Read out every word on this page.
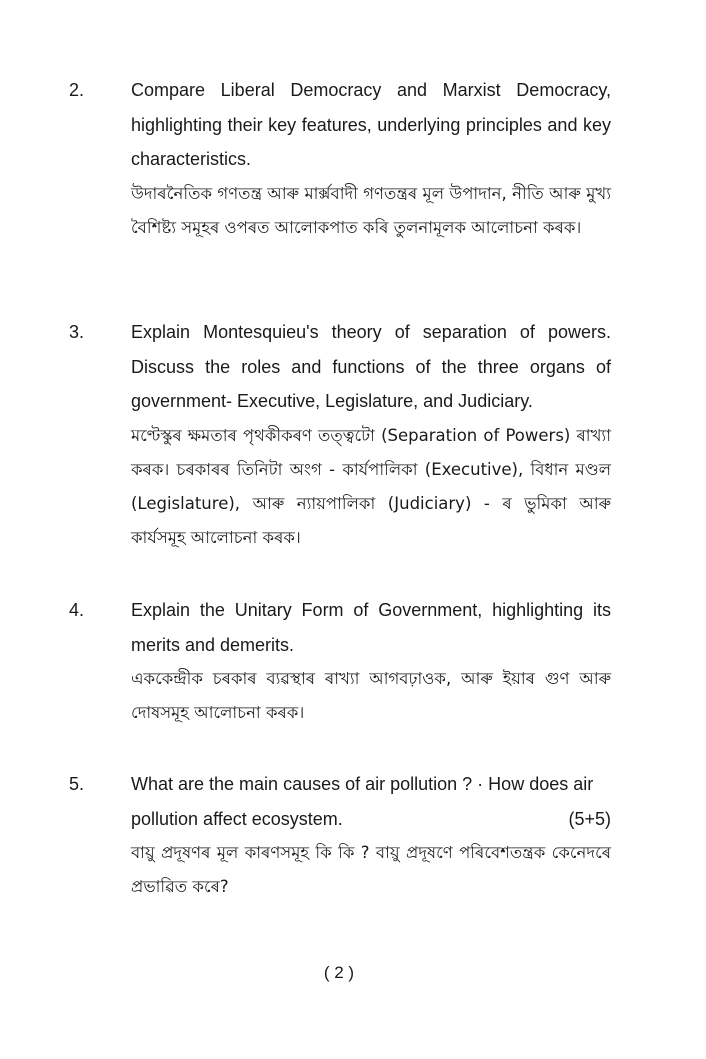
2.	Compare Liberal Democracy and Marxist Democracy, highlighting their key features, underlying principles and key characteristics.

উদাৰনৈতিক গণতন্ত্ৰ আৰু মাৰ্ক্সবাদী গণতন্ত্ৰৰ মূল উপাদান, নীতি আৰু মুখ্য বৈশিষ্ট্য সমূহৰ ওপৰত আলোকপাত কৰি তুলনামূলক আলোচনা কৰক।

3.	Explain Montesquieu's theory of separation of powers. Discuss the roles and functions of the three organs of government- Executive, Legislature, and Judiciary.

মণ্টেস্কুৰ ক্ষমতাৰ পৃথকীকৰণ তত্ত্বটো (Separation of Powers) ৰাখ্যা কৰক। চৰকাৰৰ তিনিটা অংগ - কাৰ্যপালিকা (Executive), বিধান মণ্ডল (Legislature), আৰু ন্যায়পালিকা (Judiciary) - ৰ ভুমিকা আৰু কাৰ্যসমূহ আলোচনা কৰক।

4.	Explain the Unitary Form of Government, highlighting its merits and demerits.

এককেন্দ্ৰীক চৰকাৰ ব্যৱস্থাৰ ৰাখ্যা আগবঢ়াওক, আৰু ইয়াৰ গুণ আৰু দোষসমূহ আলোচনা কৰক।

5.	What are the main causes of air pollution ? · How does air

pollution affect ecosystem.	(5+5)

বায়ু প্ৰদূষণৰ মূল কাৰণসমূহ কি কি ? বায়ু প্ৰদূষণে পৰিবেশতন্ত্ৰক কেনেদৰে প্ৰভাৱিত কৰে?

( 2 )
